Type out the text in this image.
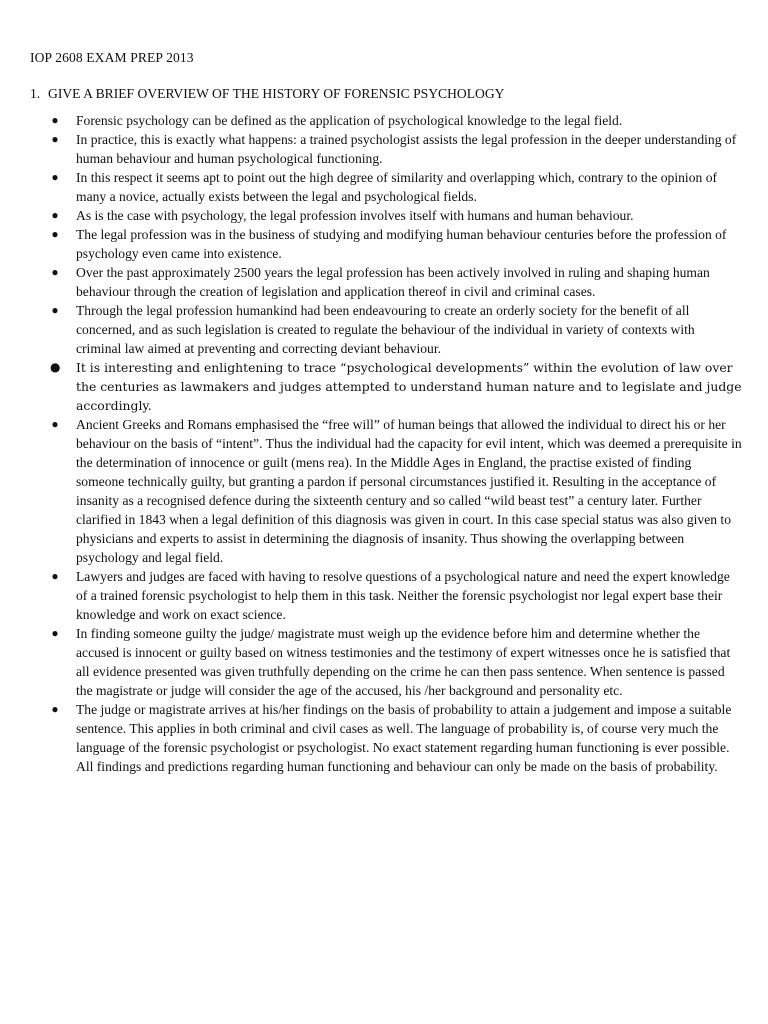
IOP 2608 EXAM PREP 2013
1. GIVE A BRIEF OVERVIEW OF THE HISTORY OF FORENSIC PSYCHOLOGY
● Forensic psychology can be defined as the application of psychological knowledge to the legal field.
● In practice, this is exactly what happens: a trained psychologist assists the legal profession in the deeper understanding of human behaviour and human psychological functioning.
● In this respect it seems apt to point out the high degree of similarity and overlapping which, contrary to the opinion of many a novice, actually exists between the legal and psychological fields.
● As is the case with psychology, the legal profession involves itself with humans and human behaviour.
● The legal profession was in the business of studying and modifying human behaviour centuries before the profession of psychology even came into existence.
● Over the past approximately 2500 years the legal profession has been actively involved in ruling and shaping human behaviour through the creation of legislation and application thereof in civil and criminal cases.
● Through the legal profession humankind had been endeavouring to create an orderly society for the benefit of all concerned, and as such legislation is created to regulate the behaviour of the individual in variety of contexts with criminal law aimed at preventing and correcting deviant behaviour.
● It is interesting and enlightening to trace “psychological developments” within the evolution of law over the centuries as lawmakers and judges attempted to understand human nature and to legislate and judge accordingly.
● Ancient Greeks and Romans emphasised the “free will” of human beings that allowed the individual to direct his or her behaviour on the basis of “intent”. Thus the individual had the capacity for evil intent, which was deemed a prerequisite in the determination of innocence or guilt (mens rea). In the Middle Ages in England, the practise existed of finding someone technically guilty, but granting a pardon if personal circumstances justified it. Resulting in the acceptance of insanity as a recognised defence during the sixteenth century and so called “wild beast test” a century later. Further clarified in 1843 when a legal definition of this diagnosis was given in court. In this case special status was also given to physicians and experts to assist in determining the diagnosis of insanity. Thus showing the overlapping between psychology and legal field.
● Lawyers and judges are faced with having to resolve questions of a psychological nature and need the expert knowledge of a trained forensic psychologist to help them in this task. Neither the forensic psychologist nor legal expert base their knowledge and work on exact science.
● In finding someone guilty the judge/ magistrate must weigh up the evidence before him and determine whether the accused is innocent or guilty based on witness testimonies and the testimony of expert witnesses once he is satisfied that all evidence presented was given truthfully depending on the crime he can then pass sentence. When sentence is passed the magistrate or judge will consider the age of the accused, his /her background and personality etc.
● The judge or magistrate arrives at his/her findings on the basis of probability to attain a judgement and impose a suitable sentence. This applies in both criminal and civil cases as well. The language of probability is, of course very much the language of the forensic psychologist or psychologist. No exact statement regarding human functioning is ever possible. All findings and predictions regarding human functioning and behaviour can only be made on the basis of probability.
